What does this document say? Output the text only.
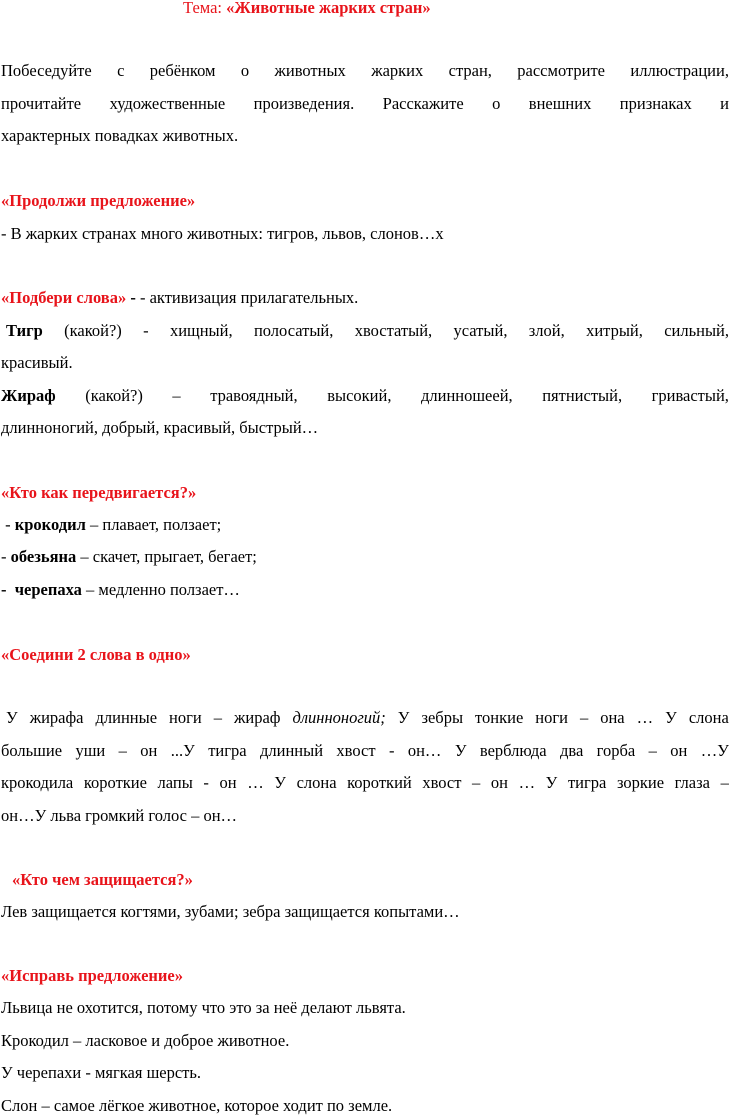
Тема: «Животные жарких стран»
Побеседуйте с ребёнком о животных жарких стран, рассмотрите иллюстрации,
прочитайте художественные произведения. Расскажите о внешних признаках и
характерных повадках животных.
«Продолжи предложение»
- В жарких странах много животных: тигров, львов, слонов…х
«Подбери слова» - - активизация прилагательных.
Тигр (какой?) - хищный, полосатый, хвостатый, усатый, злой, хитрый, сильный,
красивый.
Жираф (какой?) – травоядный, высокий, длинношеей, пятнистый, гривастый,
длинноногий, добрый, красивый, быстрый…
«Кто как передвигается?»
- крокодил – плавает, ползает;
- обезьяна – скачет, прыгает, бегает;
-  черепаха – медленно ползает…
«Соедини 2 слова в одно»
У жирафа длинные ноги – жираф длинноногий; У зебры тонкие ноги – она … У слона
большие уши – он ...У тигра длинный хвост - он… У верблюда два горба – он …У
крокодила короткие лапы - он … У слона короткий хвост – он … У тигра зоркие глаза –
он…У льва громкий голос – он…
«Кто чем защищается?»
Лев защищается когтями, зубами; зебра защищается копытами…
«Исправь предложение»
Львица не охотится, потому что это за неё делают львята.
Крокодил – ласковое и доброе животное.
У черепахи - мягкая шерсть.
Слон – самое лёгкое животное, которое ходит по земле.
